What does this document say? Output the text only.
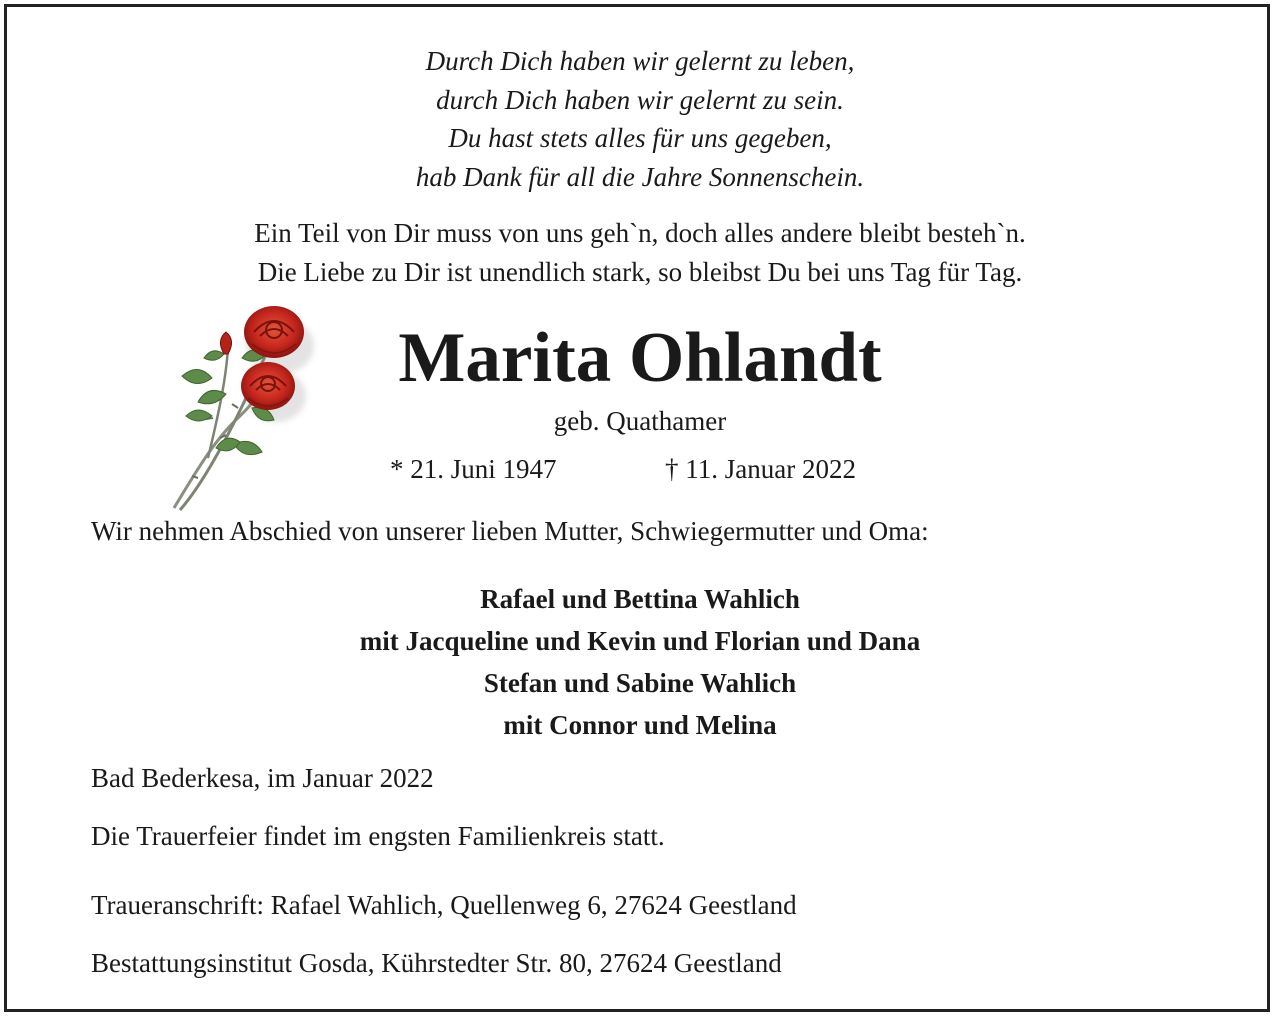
Durch Dich haben wir gelernt zu leben,
durch Dich haben wir gelernt zu sein.
Du hast stets alles für uns gegeben,
hab Dank für all die Jahre Sonnenschein.
Ein Teil von Dir muss von uns geh`n, doch alles andere bleibt besteh`n.
Die Liebe zu Dir ist unendlich stark, so bleibst Du bei uns Tag für Tag.
Marita Ohlandt
geb. Quathamer
* 21. Juni 1947	† 11. Januar 2022
Wir nehmen Abschied von unserer lieben Mutter, Schwiegermutter und Oma:
Rafael und Bettina Wahlich
mit Jacqueline und Kevin und Florian und Dana
Stefan und Sabine Wahlich
mit Connor und Melina
Bad Bederkesa, im Januar 2022
Die Trauerfeier findet im engsten Familienkreis statt.
Traueranschrift: Rafael Wahlich, Quellenweg 6, 27624 Geestland
Bestattungsinstitut Gosda, Kührstedter Str. 80, 27624 Geestland
